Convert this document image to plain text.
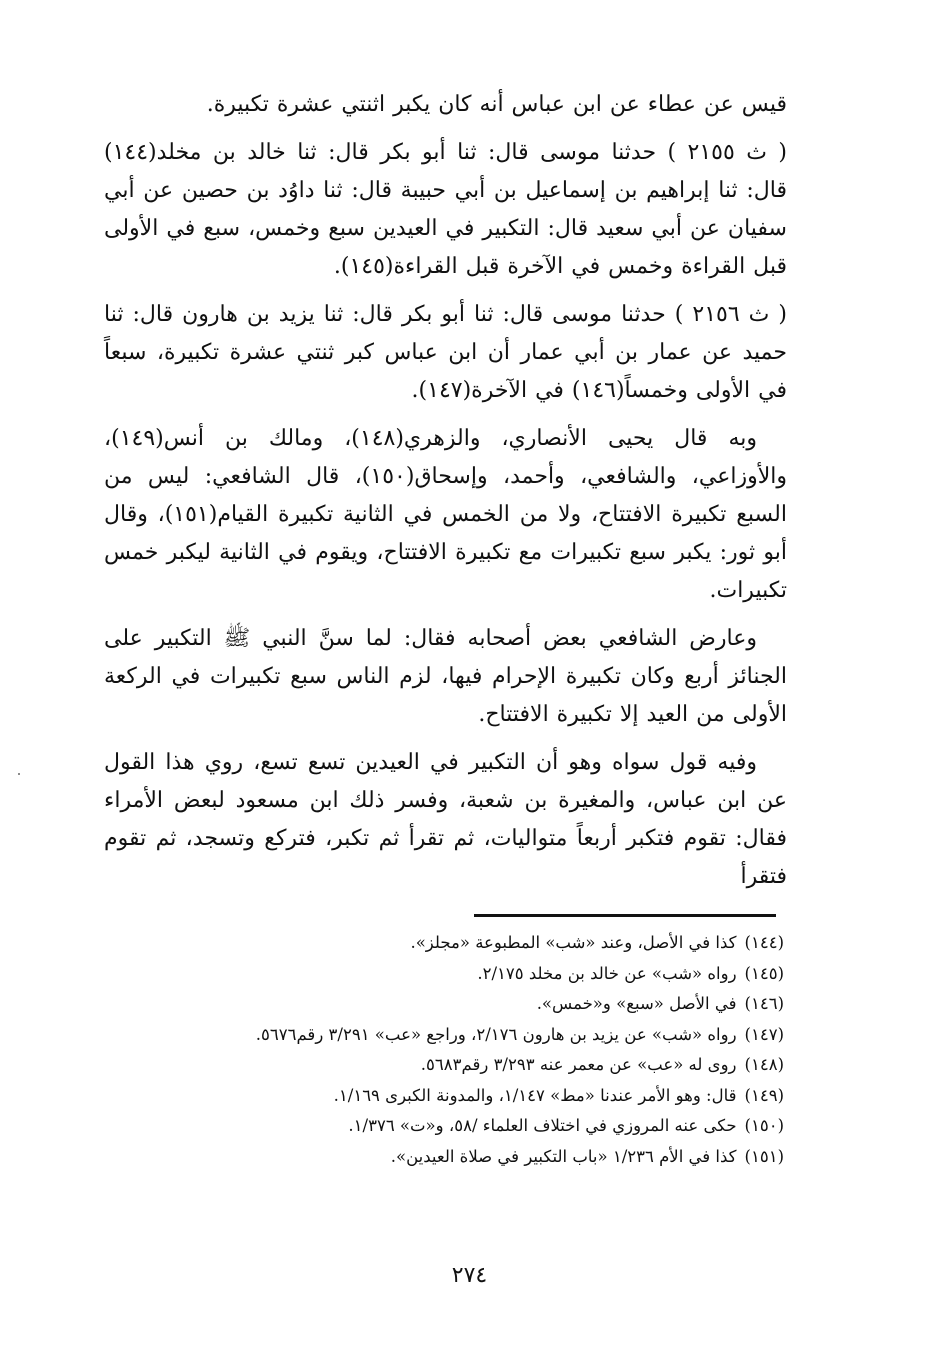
قيس عن عطاء عن ابن عباس أنه كان يكبر اثنتي عشرة تكبيرة.

( ث ٢١٥٥ ) حدثنا موسى قال: ثنا أبو بكر قال: ثنا خالد بن مخلد(١٤٤) قال: ثنا إبراهيم بن إسماعيل بن أبي حبيبة قال: ثنا داوُد بن حصين عن أبي سفيان عن أبي سعيد قال: التكبير في العيدين سبع وخمس، سبع في الأولى قبل القراءة وخمس في الآخرة قبل القراءة(١٤٥).

( ث ٢١٥٦ ) حدثنا موسى قال: ثنا أبو بكر قال: ثنا يزيد بن هارون قال: ثنا حميد عن عمار بن أبي عمار أن ابن عباس كبر ثنتي عشرة تكبيرة، سبعاً في الأولى وخمساً(١٤٦) في الآخرة(١٤٧).

وبه قال يحيى الأنصاري، والزهري(١٤٨)، ومالك بن أنس(١٤٩)، والأوزاعي، والشافعي، وأحمد، وإسحاق(١٥٠)، قال الشافعي: ليس من السبع تكبيرة الافتتاح، ولا من الخمس في الثانية تكبيرة القيام(١٥١)، وقال أبو ثور: يكبر سبع تكبيرات مع تكبيرة الافتتاح، ويقوم في الثانية ليكبر خمس تكبيرات.

وعارض الشافعي بعض أصحابه فقال: لما سنَّ النبي ﷺ التكبير على الجنائز أربع وكان تكبيرة الإحرام فيها، لزم الناس سبع تكبيرات في الركعة الأولى من العيد إلا تكبيرة الافتتاح.

وفيه قول سواه وهو أن التكبير في العيدين تسع تسع، روي هذا القول عن ابن عباس، والمغيرة بن شعبة، وفسر ذلك ابن مسعود لبعض الأمراء فقال: تقوم فتكبر أربعاً متواليات، ثم تقرأ ثم تكبر، فتركع وتسجد، ثم تقوم فتقرأ

(١٤٤)كذا في الأصل، وعند «شب» المطبوعة «مجلز».
(١٤٥)رواه «شب» عن خالد بن مخلد ٢/١٧٥.
(١٤٦)في الأصل «سبع» و«خمس».
(١٤٧)رواه «شب» عن يزيد بن هارون ٢/١٧٦، وراجع «عب» ٣/٢٩١ رقم٥٦٧٦.
(١٤٨)روى له «عب» عن معمر عنه ٣/٢٩٣ رقم٥٦٨٣.
(١٤٩)قال: وهو الأمر عندنا «مط» ١/١٤٧، والمدونة الكبرى ١/١٦٩.
(١٥٠)حكى عنه المروزي في اختلاف العلماء /٥٨، و«ت» ١/٣٧٦.
(١٥١)كذا في الأم ١/٢٣٦ «باب التكبير في صلاة العيدين».
٢٧٤
